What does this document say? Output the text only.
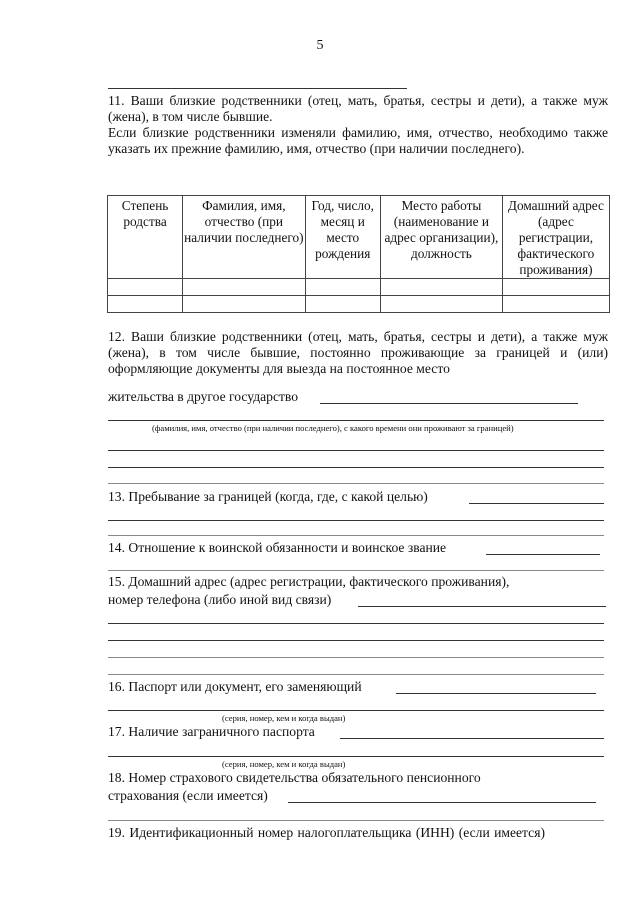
5
11. Ваши близкие родственники (отец, мать, братья, сестры и дети), а также муж (жена), в том числе бывшие.
Если близкие родственники изменяли фамилию, имя, отчество, необходимо также указать их прежние фамилию, имя, отчество (при наличии последнего).
Степень родства	Фамилия, имя, отчество (при наличии последнего)	Год, число, месяц и место рождения	Место работы (наименование и адрес организации), должность	Домашний адрес (адрес регистрации, фактического проживания)

12. Ваши близкие родственники (отец, мать, братья, сестры и дети), а также муж (жена), в том числе бывшие, постоянно проживающие за границей и (или) оформляющие документы для выезда на постоянное место
жительства в другое государство
(фамилия, имя, отчество (при наличии последнего), с какого времени они проживают за границей)
13. Пребывание за границей (когда, где, с какой целью)
14. Отношение к воинской обязанности и воинское звание
15. Домашний адрес (адрес регистрации, фактического проживания),
номер телефона (либо иной вид связи)
16. Паспорт или документ, его заменяющий
(серия, номер, кем и когда выдан)
17. Наличие заграничного паспорта
(серия, номер, кем и когда выдан)
18. Номер страхового свидетельства обязательного пенсионного
страхования (если имеется)
19. Идентификационный номер налогоплательщика (ИНН) (если имеется)
